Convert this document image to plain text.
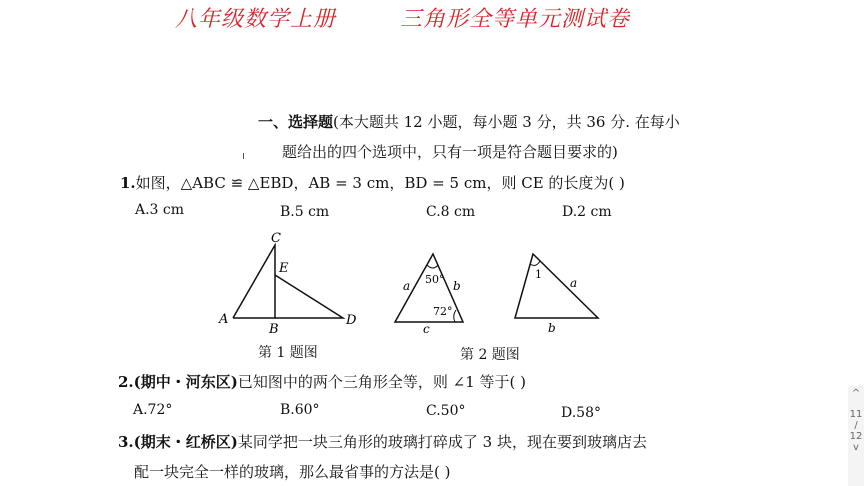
八年级数学上册	三角形全等单元测试卷
一、选择题(本大题共 12 小题，每小题 3 分，共 36 分. 在每小
题给出的四个选项中，只有一项是符合题目要求的)
1.如图，△ABC ≌ △EBD，AB = 3 cm，BD = 5 cm，则 CE 的长度为( )
A.3 cm	B.5 cm	C.8 cm	D.2 cm
C
E
A
B
D
第 1 题图
50°
72°
a	b
c
1
a
b
第 2 题图
2.(期中・河东区)已知图中的两个三角形全等，则 ∠1 等于( )
A.72°	B.60°	C.50°	D.58°
3.(期末・红桥区)某同学把一块三角形的玻璃打碎成了 3 块，现在要到玻璃店去
配一块完全一样的玻璃，那么最省事的方法是( )
^
11
/
12
v
